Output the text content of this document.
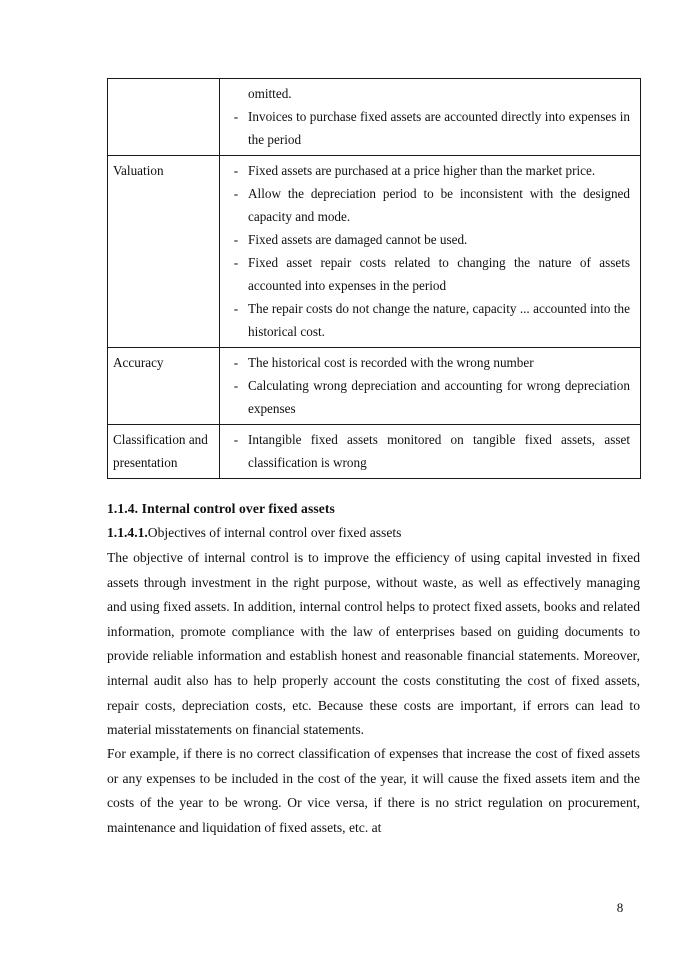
	omitted.
- Invoices to purchase fixed assets are accounted directly into expenses in the period

Valuation	- Fixed assets are purchased at a price higher than the market price.
- Allow the depreciation period to be inconsistent with the designed capacity and mode.
- Fixed assets are damaged cannot be used.
- Fixed asset repair costs related to changing the nature of assets accounted into expenses in the period
- The repair costs do not change the nature, capacity ... accounted into the historical cost.

Accuracy	- The historical cost is recorded with the wrong number
- Calculating wrong depreciation and accounting for wrong depreciation expenses

Classification and presentation	- Intangible fixed assets monitored on tangible fixed assets, asset classification is wrong
1.1.4. Internal control over fixed assets
1.1.4.1.Objectives of internal control over fixed assets
The objective of internal control is to improve the efficiency of using capital invested in fixed assets through investment in the right purpose, without waste, as well as effectively managing and using fixed assets. In addition, internal control helps to protect fixed assets, books and related information, promote compliance with the law of enterprises based on guiding documents to provide reliable information and establish honest and reasonable financial statements. Moreover, internal audit also has to help properly account the costs constituting the cost of fixed assets, repair costs, depreciation costs, etc. Because these costs are important, if errors can lead to material misstatements on financial statements.
For example, if there is no correct classification of expenses that increase the cost of fixed assets or any expenses to be included in the cost of the year, it will cause the fixed assets item and the costs of the year to be wrong. Or vice versa, if there is no strict regulation on procurement, maintenance and liquidation of fixed assets, etc. at
8
